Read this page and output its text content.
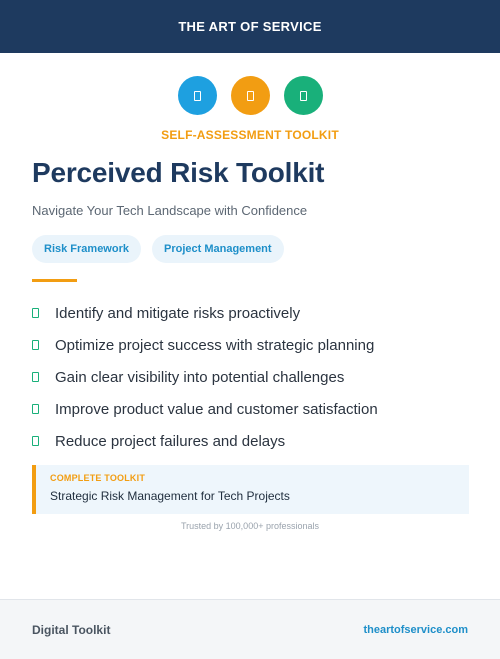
THE ART OF SERVICE
SELF-ASSESSMENT TOOLKIT
Perceived Risk Toolkit
Navigate Your Tech Landscape with Confidence
Risk Framework	Project Management
Identify and mitigate risks proactively
Optimize project success with strategic planning
Gain clear visibility into potential challenges
Improve product value and customer satisfaction
Reduce project failures and delays
COMPLETE TOOLKIT
Strategic Risk Management for Tech Projects
Trusted by 100,000+ professionals
Digital Toolkit	theartofservice.com
